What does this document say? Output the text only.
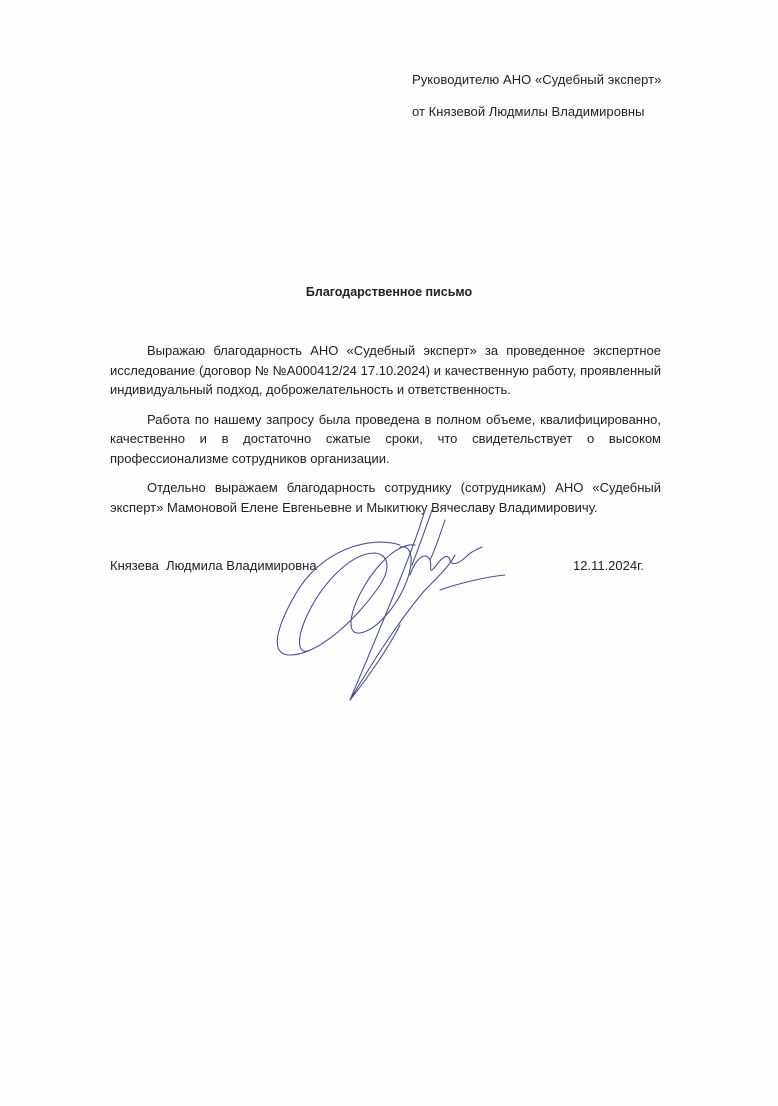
Руководителю АНО «Судебный эксперт»
от Князевой Людмилы Владимировны
Благодарственное письмо

Выражаю благодарность АНО «Судебный эксперт» за проведенное экспертное исследование (договор № №А000412/24 17.10.2024) и качественную работу, проявленный индивидуальный подход, доброжелательность и ответственность.

Работа по нашему запросу была проведена в полном объеме, квалифицированно, качественно и в достаточно сжатые сроки, что свидетельствует о высоком профессионализме сотрудников организации.

Отдельно выражаем благодарность сотруднику (сотрудникам) АНО «Судебный эксперт» Мамоновой Елене Евгеньевне и Мыкитюку Вячеславу Владимировичу.

Князева  Людмила Владимировна	12.11.2024г.
